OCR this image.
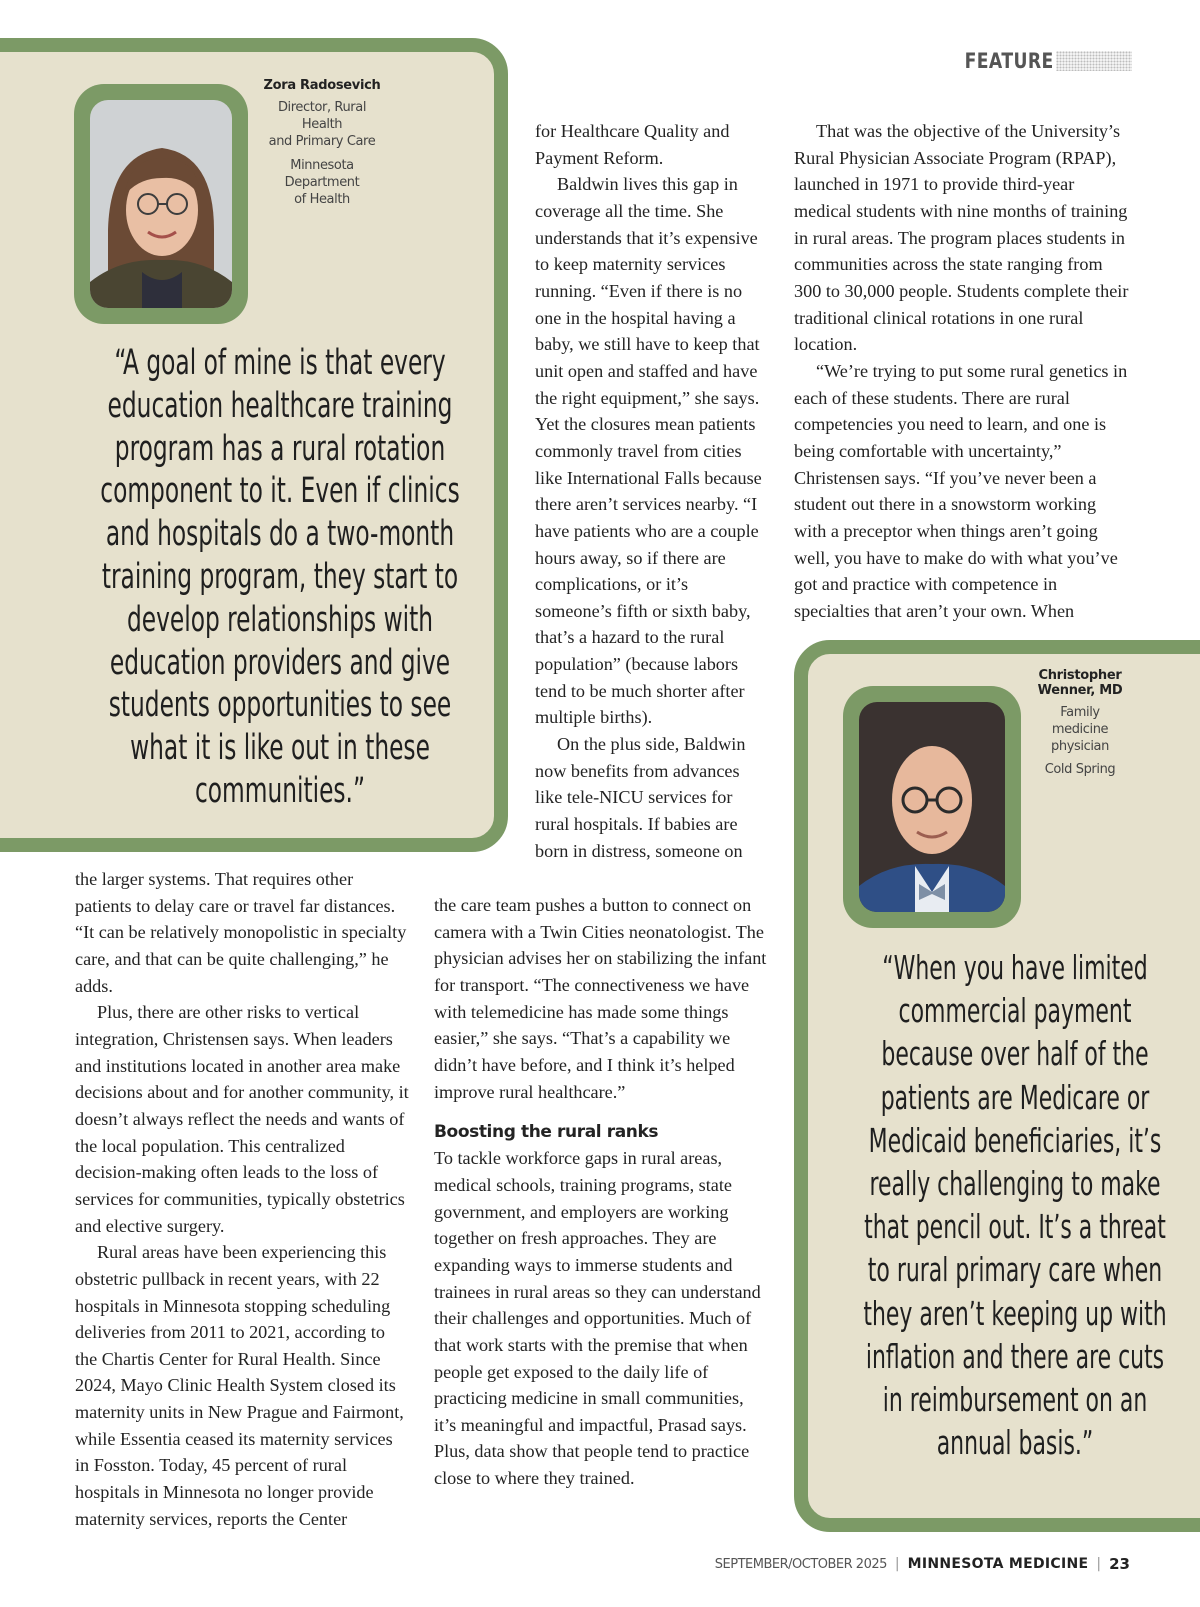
FEATURE
Zora Radosevich
Director, Rural
Health
and Primary Care
Minnesota
Department
of Health
“A goal of mine is that every education healthcare training program has a rural rotation component to it. Even if clinics and hospitals do a two-month training program, they start to develop relationships with education providers and give students opportunities to see what it is like out in these communities.”
Christopher
Wenner, MD
Family
medicine
physician
Cold Spring
“When you have limited commercial payment because over half of the patients are Medicare or Medicaid beneficiaries, it’s really challenging to make that pencil out. It’s a threat to rural primary care when they aren’t keeping up with inflation and there are cuts in reimbursement on an annual basis.”

for Healthcare Quality and Payment Reform.

Baldwin lives this gap in coverage all the time. She understands that it’s expensive to keep maternity services running. “Even if there is no one in the hospital having a baby, we still have to keep that unit open and staffed and have the right equipment,” she says. Yet the closures mean patients commonly travel from cities like International Falls because there aren’t services nearby. “I have patients who are a couple hours away, so if there are complications, or it’s someone’s fifth or sixth baby, that’s a hazard to the rural population” (because labors tend to be much shorter after multiple births).

On the plus side, Baldwin now benefits from advances like tele-NICU services for rural hospitals. If babies are born in distress, someone on

the care team pushes a button to connect on camera with a Twin Cities neonatologist. The physician advises her on stabilizing the infant for transport. “The connectiveness we have with telemedicine has made some things easier,” she says. “That’s a capability we didn’t have before, and I think it’s helped improve rural healthcare.”

Boosting the rural ranks

To tackle workforce gaps in rural areas, medical schools, training programs, state government, and employers are working together on fresh approaches. They are expanding ways to immerse students and trainees in rural areas so they can understand their challenges and opportunities. Much of that work starts with the premise that when people get exposed to the daily life of practicing medicine in small communities, it’s meaningful and impactful, Prasad says. Plus, data show that people tend to practice close to where they trained.

the larger systems. That requires other patients to delay care or travel far distances. “It can be relatively monopolistic in specialty care, and that can be quite challenging,” he adds.

Plus, there are other risks to vertical integration, Christensen says. When leaders and institutions located in another area make decisions about and for another community, it doesn’t always reflect the needs and wants of the local population. This centralized decision-making often leads to the loss of services for communities, typically obstetrics and elective surgery.

Rural areas have been experiencing this obstetric pullback in recent years, with 22 hospitals in Minnesota stopping scheduling deliveries from 2011 to 2021, according to the Chartis Center for Rural Health. Since 2024, Mayo Clinic Health System closed its maternity units in New Prague and Fairmont, while Essentia ceased its maternity services in Fosston. Today, 45 percent of rural hospitals in Minnesota no longer provide maternity services, reports the Center

That was the objective of the University’s Rural Physician Associate Program (RPAP), launched in 1971 to provide third-year medical students with nine months of training in rural areas. The program places students in communities across the state ranging from 300 to 30,000 people. Students complete their traditional clinical rotations in one rural location.

“We’re trying to put some rural genetics in each of these students. There are rural competencies you need to learn, and one is being comfortable with uncertainty,” Christensen says. “If you’ve never been a student out there in a snowstorm working with a preceptor when things aren’t going well, you have to make do with what you’ve got and practice with competence in specialties that aren’t your own. When

SEPTEMBER/OCTOBER 2025 | MINNESOTA MEDICINE | 23
